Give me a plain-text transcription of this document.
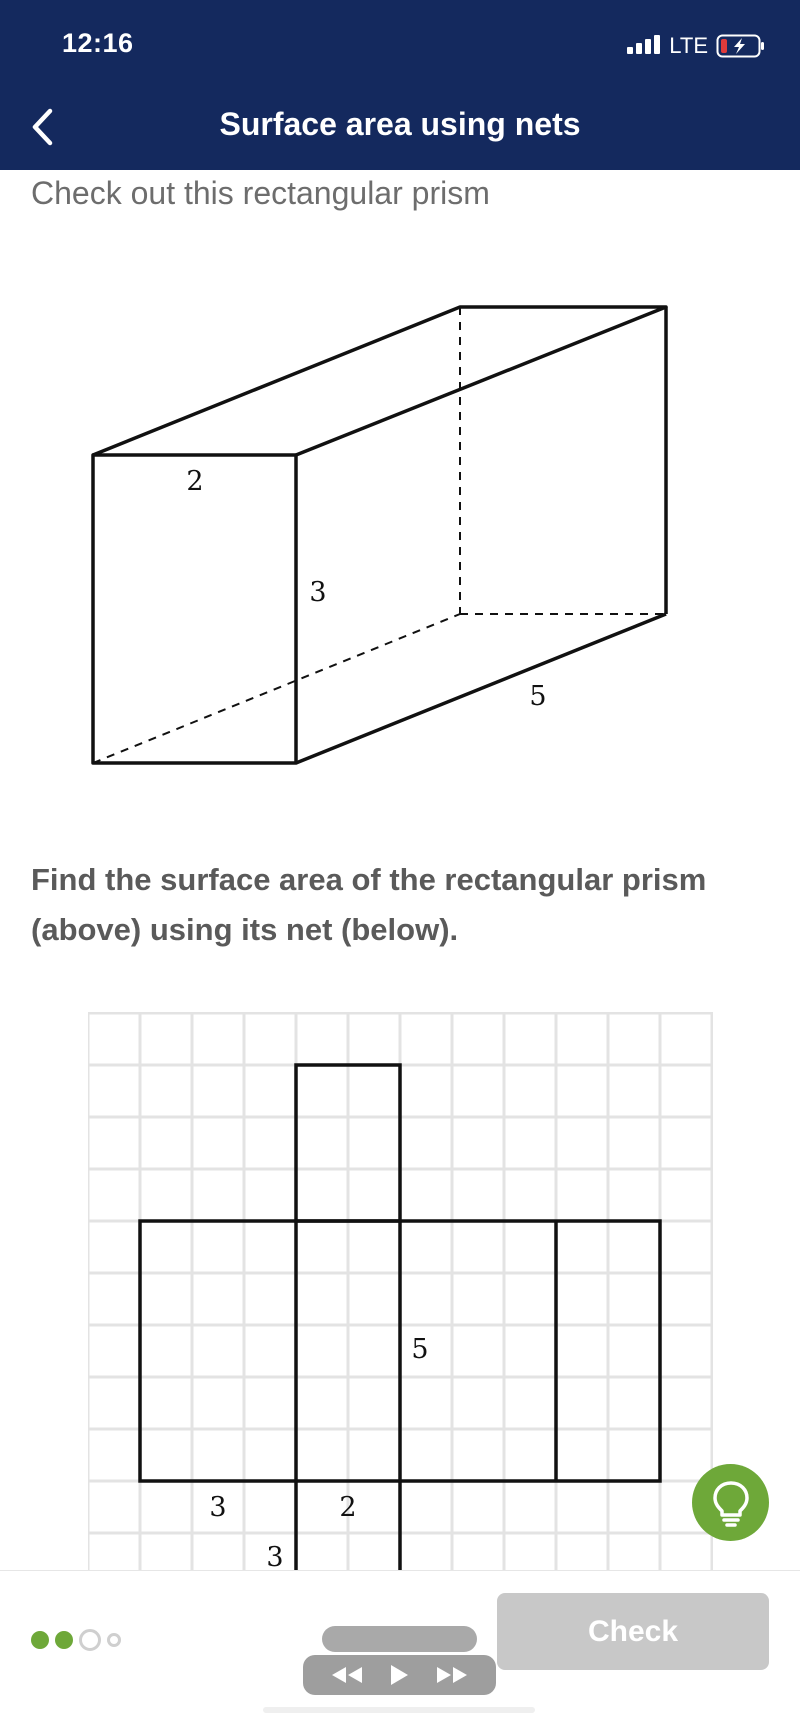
12:16	LTE
Surface area using nets
Check out this rectangular prism
2
3
5
Find the surface area of the rectangular prism (above) using its net (below).
5
3	2
3
Check
